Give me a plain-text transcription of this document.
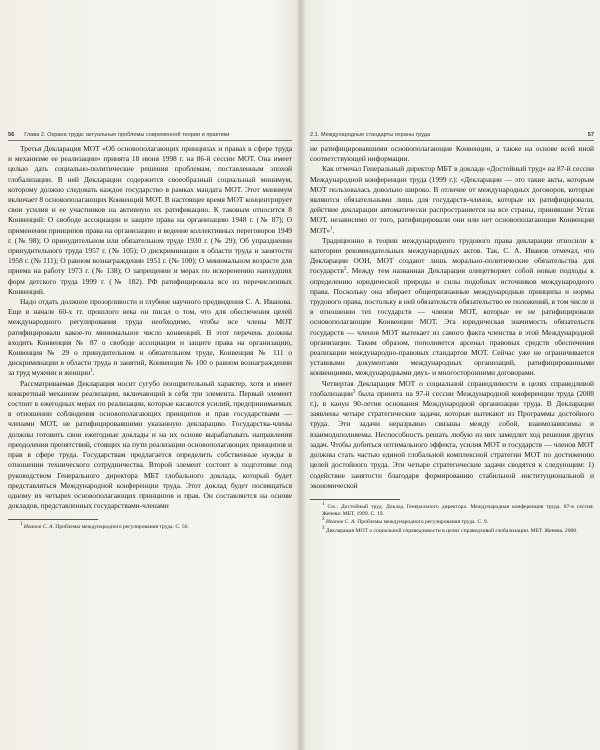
56 Глава 2. Охрана труда: актуальные проблемы современной теории и практики

Третья Декларация МОТ «Об основополагающих принципах и правах в сфере труда и механизме ее реализации» принята 18 июня 1998 г. на 86-й сессии МОТ. Она имеет целью дать социально-политические решения проблемам, поставленным эпохой глобализации. В ней Декларации содержится своеобразный социальный минимум, которому должно следовать каждое государство в рамках мандата МОТ. Этот минимум включает 8 основополагающих Конвенций МОТ. В настоящее время МОТ концентрирует свои усилия и ее участников на активную их ратификацию. К таковым относится 8 Конвенций: О свободе ассоциации и защите права на организацию 1948 г. (№ 87); О применении принципов права на организацию и ведение коллективных переговоров 1949 г. (№ 98); О принудительном или обязательном труде 1930 г. (№ 29); Об упразднении принудительного труда 1957 г. (№ 105); О дискриминации в области труда и занятости 1958 г. (№ 111); О равном вознаграждении 1951 г. (№ 100); О минимальном возрасте для приема на работу 1973 г. (№ 138); О запрещении и мерах по искоренению наихудших форм детского труда 1999 г. (№ 182). РФ ратифицировала все из перечисленных Конвенций.

Надо отдать должное прозорливости и глубине научного предвидения С. А. Иванова. Еще в начале 60-х гг. прошлого века он писал о том, что для обеспечения целей международного регулирования труда необходимо, чтобы все члены МОТ ратифицировали какое-то минимальное число конвенций. В этот перечень должны входить Конвенция № 87 о свободе ассоциации и защите права на организацию, Конвенция № 29 о принудительном и обязательном труде, Конвенция № 111 о дискриминации в области труда и занятий, Конвенция № 100 о равном вознаграждении за труд мужчин и женщин$^1$.

Рассматриваемая Декларация носит сугубо поощрительный характер, хотя и имеет конкретный механизм реализации, включающий в себя три элемента. Первый элемент состоит в ежегодных мерах по реализации, которые касаются усилий, предпринимаемых в отношении соблюдения основополагающих принципов и прав государствами — членами МОТ, не ратифицировавшими указанную декларацию. Государства-члены должны готовить свои ежегодные доклады и на их основе вырабатывать направления преодоления препятствий, стоящих на пути реализации основополагающих принципов и прав в сфере труда. Государствам предлагается определить собственные нужды в отношении технического сотрудничества. Второй элемент состоит в подготовке под руководством Генерального директора МБТ глобального доклада, который будет представляться Международной конференции труда. Этот доклад будет посвящаться одному их четырех основополагающих принципов и прав. Он составляется на основе докладов, представленных государствами-членами

$^1$ Иванов С. А. Проблемы международного регулирования труда. С. 50.

2.1. Международные стандарты охраны труда	57

не ратифицировавшими основополагающие Конвенции, а также на основе всей иной соответствующей информации.

Как отмечал Генеральный директор МБТ в докладе «Достойный труд» на 87-й сессии Международной конференции труда (1999 г.): «Декларации — это такие акты, которым МОТ пользовалась довольно широко. В отличие от международных договоров, которые являются обязательными лишь для государств-членов, которые их ратифицировали, действие декларации автоматически распространяется на все страны, принявшие Устав МОТ, независимо от того, ратифицировали они или нет основополагающие Конвенции МОТ»$^1$.

Традиционно в теории международного трудового права декларации относили к категории рекомендательных международных актов. Так, С. А. Иванов отмечал, что Декларации ООН, МОТ создают лишь морально-политические обязательства для государств$^2$. Между тем названная Декларация олицетворяет собой новые подходы к определению юридической природы и силы подобных источников международного права. Поскольку она вбирает общепризнанные международные принципы и нормы трудового права, постольку в ней обязательств обязательство ее положений, в том числе и в отношении тех государств — членов МОТ, которые ее не ратифицировали основополагающие Конвенции МОТ. Эта юридическая значимость обязательств государств — членов МОТ вытекает из самого факта членства в этой Международной организации. Таким образом, пополняется арсенал правовых средств обеспечения реализации международно-правовых стандартов МОТ. Сейчас уже не ограничивается уставными документами международных организаций, ратифицированными конвенциями, международными двух- и многосторонними договорами.

Четвертая Декларация МОТ о социальной справедливости в целях справедливой глобализации$^3$ была принята на 97-й сессии Международной конференции труда (2008 г.), в канун 90-летия основания Международной организации труда. В Декларации заявлены четыре стратегические задачи, которые вытекают из Программы достойного труда. Эти задачи неразрывно связаны между собой, взаимозависимы и взаимодополняемы. Неспособность решать любую из них замедлит ход решения других задач. Чтобы добиться оптимального эффекта, усилия МОТ и государств — членов МОТ должны стать частью единой глобальной комплексной стратегии МОТ по достижению целей достойного труда. Эти четыре стратегические задачи сводятся к следующим: 1) содействие занятости благодаря формированию стабильной институциональной и экономической

$^1$ См.: Достойный труд. Доклад Генерального директора. Международная конференция труда. 87-я сессия. Женева: МБТ, 1999. С. 19.

$^2$ Иванов С. А. Проблемы международного регулирования труда. С. 9.

$^3$ Декларация МОТ о социальной справедливости в целях справедливой глобализации. МБТ. Женева. 2008.
